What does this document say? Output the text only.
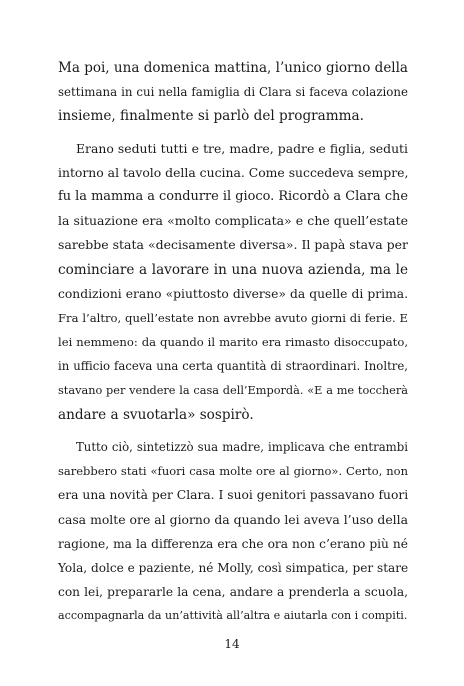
Ma poi, una domenica mattina, l’unico giorno della
settimana in cui nella famiglia di Clara si faceva colazione
insieme, finalmente si parlò del programma.

Erano seduti tutti e tre, madre, padre e figlia, seduti
intorno al tavolo della cucina. Come succedeva sempre,
fu la mamma a condurre il gioco. Ricordò a Clara che
la situazione era «molto complicata» e che quell’estate
sarebbe stata «decisamente diversa». Il papà stava per
cominciare a lavorare in una nuova azienda, ma le
condizioni erano «piuttosto diverse» da quelle di prima.
Fra l’altro, quell’estate non avrebbe avuto giorni di ferie. E
lei nemmeno: da quando il marito era rimasto disoccupato,
in ufficio faceva una certa quantità di straordinari. Inoltre,
stavano per vendere la casa dell’Empordà. «E a me toccherà
andare a svuotarla» sospirò.

Tutto ciò, sintetizzò sua madre, implicava che entrambi
sarebbero stati «fuori casa molte ore al giorno». Certo, non
era una novità per Clara. I suoi genitori passavano fuori
casa molte ore al giorno da quando lei aveva l’uso della
ragione, ma la differenza era che ora non c’erano più né
Yola, dolce e paziente, né Molly, così simpatica, per stare
con lei, prepararle la cena, andare a prenderla a scuola,
accompagnarla da un’attività all’altra e aiutarla con i compiti.

14
